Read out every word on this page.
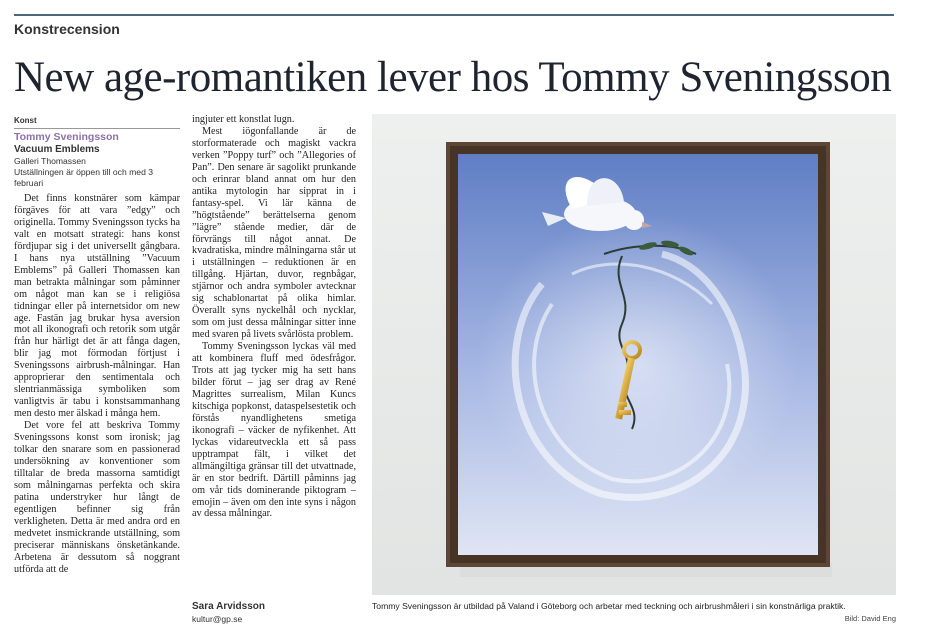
Konstrecension
New age-romantiken lever hos Tommy Sveningsson
Konst
Tommy Sveningsson
Vacuum Emblems
Galleri Thomassen
Utställningen är öppen till och med 3 februari

Det finns konstnärer som kämpar förgäves för att vara ”edgy” och originella. Tommy Sveningsson tycks ha valt en motsatt strategi: hans konst fördjupar sig i det universellt gångbara. I hans nya utställning ”Vacuum Emblems” på Galleri Thomassen kan man betrakta målningar som påminner om något man kan se i religiösa tidningar eller på internetsidor om new age. Fastän jag brukar hysa aversion mot all ikonografi och retorik som utgår från hur härligt det är att fånga dagen, blir jag mot förmodan förtjust i Sveningssons airbrush-målningar. Han approprierar den sentimentala och slentrianmässiga symboliken som vanligtvis är tabu i konstsammanhang men desto mer älskad i många hem.

Det vore fel att beskriva Tommy Sveningssons konst som ironisk; jag tolkar den snarare som en passionerad undersökning av konventioner som tilltalar de breda massorna samtidigt som målningarnas perfekta och skira patina understryker hur långt de egentligen befinner sig från verkligheten. Detta är med andra ord en medvetet insmickrande utställning, som preciserar människans önsketänkande. Arbetena är dessutom så noggrant utförda att de

ingjuter ett konstlat lugn.

Mest iögonfallande är de storformaterade och magiskt vackra verken ”Poppy turf” och ”Allegories of Pan”. Den senare är sagolikt prunkande och erinrar bland annat om hur den antika mytologin har sipprat in i fantasy-spel. Vi lär känna de ”högtstående” berättelserna genom ”lägre” stående medier, där de förvrängs till något annat. De kvadratiska, mindre målningarna står ut i utställningen – reduktionen är en tillgång. Hjärtan, duvor, regnbågar, stjärnor och andra symboler avtecknar sig schablonartat på olika himlar. Överallt syns nyckelhål och nycklar, som om just dessa målningar sitter inne med svaren på livets svårlösta problem.

Tommy Sveningsson lyckas väl med att kombinera fluff med ödesfrågor. Trots att jag tycker mig ha sett hans bilder förut – jag ser drag av René Magrittes surrealism, Milan Kuncs kitschiga popkonst, dataspelsestetik och förstås nyandlighetens smetiga ikonografi – väcker de nyfikenhet. Att lyckas vidareutveckla ett så pass upptrampat fält, i vilket det allmängiltiga gränsar till det utvattnade, är en stor bedrift. Därtill påminns jag om vår tids dominerande piktogram – emojin – även om den inte syns i någon av dessa målningar.

Sara Arvidsson
kultur@gp.se
Tommy Sveningsson är utbildad på Valand i Göteborg och arbetar med teckning och airbrushmåleri i sin konstnärliga praktik.
Bild: David Eng
